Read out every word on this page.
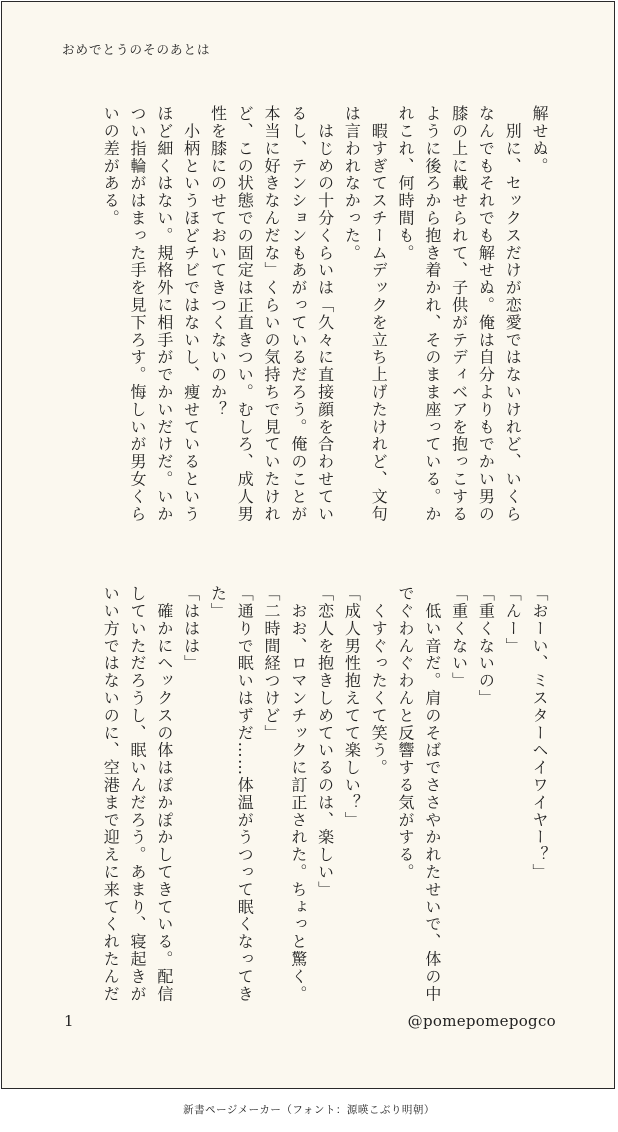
おめでとうのそのあとは

解せぬ。

　別に、セックスだけが恋愛ではないけれど、いくら

なんでもそれでも解せぬ。俺は自分よりもでかい男の

膝の上に載せられて、子供がテディベアを抱っこする

ように後ろから抱き着かれ、そのまま座っている。か

れこれ、何時間も。

　暇すぎてスチームデックを立ち上げたけれど、文句

は言われなかった。

　はじめの十分くらいは「久々に直接顔を合わせてい

るし、テンションもあがっているだろう。俺のことが

本当に好きなんだな」くらいの気持ちで見ていたけれ

ど、この状態での固定は正直きつい。むしろ、成人男

性を膝にのせておいてきつくないのか？

　小柄というほどチビではないし、痩せているという

ほど細くはない。規格外に相手がでかいだけだ。いか

つい指輪がはまった手を見下ろす。悔しいが男女くら

いの差がある。

「おーい、ミスターヘイワイヤー？」

「んー」

「重くないの」

「重くない」

　低い音だ。肩のそばでささやかれたせいで、体の中

でぐわんぐわんと反響する気がする。

　くすぐったくて笑う。

「成人男性抱えてて楽しい？」

「恋人を抱きしめているのは、楽しい」

　おお、ロマンチックに訂正された。ちょっと驚く。

「二時間経つけど」

「通りで眠いはずだ……体温がうつって眠くなってき

た」

「ははは」

　確かにヘックスの体はぽかぽかしてきている。配信

していただろうし、眠いんだろう。あまり、寝起きが

いい方ではないのに、空港まで迎えに来てくれたんだ

1	@pomepomepogco
新書ページメーカー（フォント：源暎こぶり明朝）
